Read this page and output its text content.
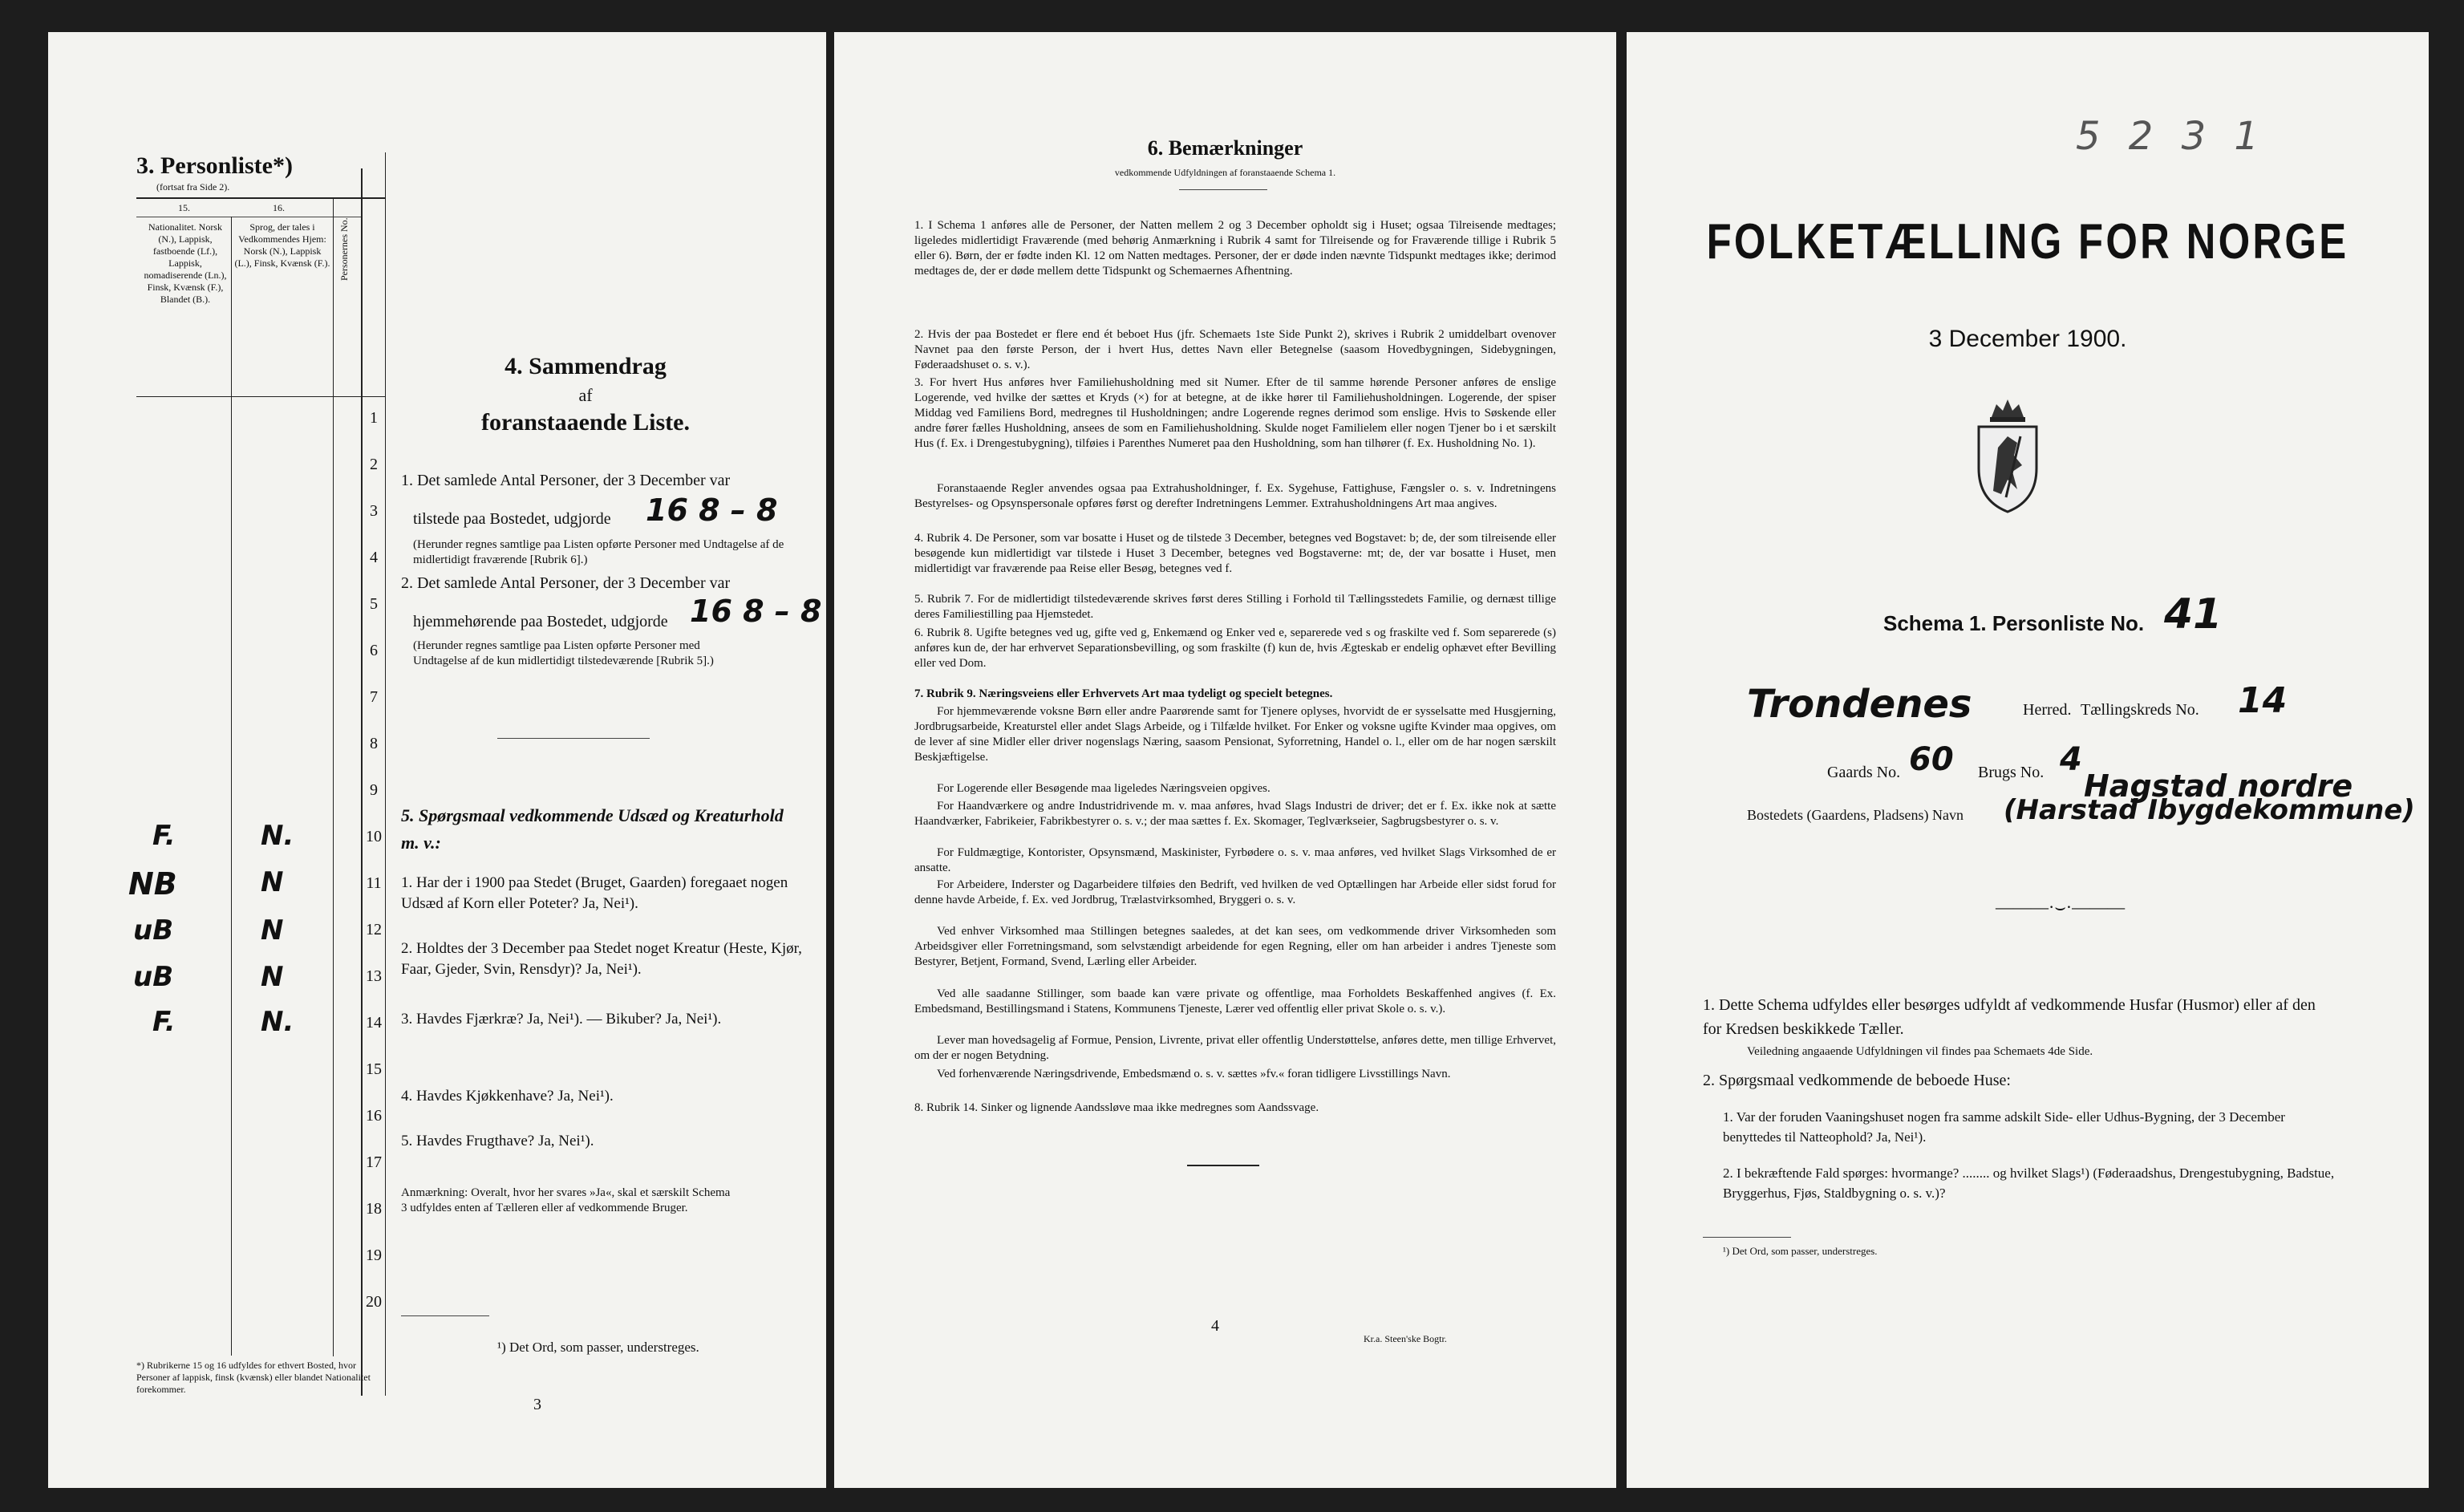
3. Personliste*)
(fortsat fra Side 2).
15.	16.
Nationalitet. Norsk (N.), Lappisk, fastboende (Lf.), Lappisk, nomadiserende (Ln.), Finsk, Kvænsk (F.), Blandet (B.).
Sprog, der tales i Vedkommendes Hjem: Norsk (N.), Lappisk (L.), Finsk, Kvænsk (F.). Personernes No.
1
2
3
4
5
6
7
8
9
10
11
12
13
14
15
16
17
18
19
20
F.
NB
uB
uB
F.
N.
N
N
N
N.
*) Rubrikerne 15 og 16 udfyldes for ethvert Bosted, hvor Personer af lappisk, finsk (kvænsk) eller blandet Nationalitet forekommer.
4. Sammendrag
af
foranstaaende Liste.
1. Det samlede Antal Personer, der 3 December var
tilstede paa Bostedet, udgjorde 16 8 – 8
(Herunder regnes samtlige paa Listen opførte Personer med Undtagelse af de midlertidigt fraværende [Rubrik 6].)
2. Det samlede Antal Personer, der 3 December var
hjemmehørende paa Bostedet, udgjorde 16 8 – 8
(Herunder regnes samtlige paa Listen opførte Personer med Undtagelse af de kun midlertidigt tilstedeværende [Rubrik 5].)
5. Spørgsmaal vedkommende Udsæd og Kreaturhold m. v.:
1. Har der i 1900 paa Stedet (Bruget, Gaarden) foregaaet nogen Udsæd af Korn eller Poteter? Ja, Nei¹).
2. Holdtes der 3 December paa Stedet noget Kreatur (Heste, Kjør, Faar, Gjeder, Svin, Rensdyr)? Ja, Nei¹).
3. Havdes Fjærkræ? Ja, Nei¹). — Bikuber? Ja, Nei¹).
4. Havdes Kjøkkenhave? Ja, Nei¹).
5. Havdes Frugthave? Ja, Nei¹).
Anmærkning: Overalt, hvor her svares »Ja«, skal et særskilt Schema 3 udfyldes enten af Tælleren eller af vedkommende Bruger.
¹) Det Ord, som passer, understreges.
3
6. Bemærkninger
vedkommende Udfyldningen af foranstaaende Schema 1.
1. I Schema 1 anføres alle de Personer, der Natten mellem 2 og 3 December opholdt sig i Huset; ogsaa Tilreisende medtages; ligeledes midlertidigt Fraværende (med behørig Anmærkning i Rubrik 4 samt for Tilreisende og for Fraværende tillige i Rubrik 5 eller 6). Børn, der er fødte inden Kl. 12 om Natten medtages. Personer, der er døde inden nævnte Tidspunkt medtages ikke; derimod medtages de, der er døde mellem dette Tidspunkt og Schemaernes Afhentning.
2. Hvis der paa Bostedet er flere end ét beboet Hus (jfr. Schemaets 1ste Side Punkt 2), skrives i Rubrik 2 umiddelbart ovenover Navnet paa den første Person, der i hvert Hus, dettes Navn eller Betegnelse (saasom Hovedbygningen, Sidebygningen, Føderaadshuset o. s. v.).
3. For hvert Hus anføres hver Familiehusholdning med sit Numer. Efter de til samme hørende Personer anføres de enslige Logerende, ved hvilke der sættes et Kryds (×) for at betegne, at de ikke hører til Familiehusholdningen. Logerende, der spiser Middag ved Familiens Bord, medregnes til Husholdningen; andre Logerende regnes derimod som enslige. Hvis to Søskende eller andre fører fælles Husholdning, ansees de som en Familiehusholdning. Skulde noget Familielem eller nogen Tjener bo i et særskilt Hus (f. Ex. i Drengestubygning), tilføies i Parenthes Numeret paa den Husholdning, som han tilhører (f. Ex. Husholdning No. 1).
Foranstaaende Regler anvendes ogsaa paa Extrahusholdninger, f. Ex. Sygehuse, Fattighuse, Fængsler o. s. v. Indretningens Bestyrelses- og Opsynspersonale opføres først og derefter Indretningens Lemmer. Extrahusholdningens Art maa angives.
4. Rubrik 4. De Personer, som var bosatte i Huset og de tilstede 3 December, betegnes ved Bogstavet: b; de, der som tilreisende eller besøgende kun midlertidigt var tilstede i Huset 3 December, betegnes ved Bogstaverne: mt; de, der var bosatte i Huset, men midlertidigt var fraværende paa Reise eller Besøg, betegnes ved f.
5. Rubrik 7. For de midlertidigt tilstedeværende skrives først deres Stilling i Forhold til Tællingsstedets Familie, og dernæst tillige deres Familiestilling paa Hjemstedet.
6. Rubrik 8. Ugifte betegnes ved ug, gifte ved g, Enkemænd og Enker ved e, separerede ved s og fraskilte ved f. Som separerede (s) anføres kun de, der har erhvervet Separationsbevilling, og som fraskilte (f) kun de, hvis Ægteskab er endelig ophævet efter Bevilling eller ved Dom.
7. Rubrik 9. Næringsveiens eller Erhvervets Art maa tydeligt og specielt betegnes.
For hjemmeværende voksne Børn eller andre Paarørende samt for Tjenere oplyses, hvorvidt de er sysselsatte med Husgjerning, Jordbrugsarbeide, Kreaturstel eller andet Slags Arbeide, og i Tilfælde hvilket. For Enker og voksne ugifte Kvinder maa opgives, om de lever af sine Midler eller driver nogenslags Næring, saasom Pensionat, Syforretning, Handel o. l., eller om de har nogen særskilt Beskjæftigelse.
For Logerende eller Besøgende maa ligeledes Næringsveien opgives.
For Haandværkere og andre Industridrivende m. v. maa anføres, hvad Slags Industri de driver; det er f. Ex. ikke nok at sætte Haandværker, Fabrikeier, Fabrikbestyrer o. s. v.; der maa sættes f. Ex. Skomager, Teglværkseier, Sagbrugsbestyrer o. s. v.
For Fuldmægtige, Kontorister, Opsynsmænd, Maskinister, Fyrbødere o. s. v. maa anføres, ved hvilket Slags Virksomhed de er ansatte.
For Arbeidere, Inderster og Dagarbeidere tilføies den Bedrift, ved hvilken de ved Optællingen har Arbeide eller sidst forud for denne havde Arbeide, f. Ex. ved Jordbrug, Trælastvirksomhed, Bryggeri o. s. v.
Ved enhver Virksomhed maa Stillingen betegnes saaledes, at det kan sees, om vedkommende driver Virksomheden som Arbeidsgiver eller Forretningsmand, som selvstændigt arbeidende for egen Regning, eller om han arbeider i andres Tjeneste som Bestyrer, Betjent, Formand, Svend, Lærling eller Arbeider.
Ved alle saadanne Stillinger, som baade kan være private og offentlige, maa Forholdets Beskaffenhed angives (f. Ex. Embedsmand, Bestillingsmand i Statens, Kommunens Tjeneste, Lærer ved offentlig eller privat Skole o. s. v.).
Lever man hovedsagelig af Formue, Pension, Livrente, privat eller offentlig Understøttelse, anføres dette, men tillige Erhvervet, om der er nogen Betydning.
Ved forhenværende Næringsdrivende, Embedsmænd o. s. v. sættes »fv.« foran tidligere Livsstillings Navn.
8. Rubrik 14. Sinker og lignende Aandssløve maa ikke medregnes som Aandssvage.
4
Kr.a. Steen'ske Bogtr.
5 2 3 1
FOLKETÆLLING FOR NORGE
3 December 1900.
Schema 1. Personliste No. 41
Trondenes	Herred. Tællingskreds No. 14
Gaards No. 60 Brugs No. 4
Hagstad nordre
Bostedets (Gaardens, Pladsens) Navn (Harstad Ibygdekommune)
———·⌣·———
1. Dette Schema udfyldes eller besørges udfyldt af vedkommende Husfar (Husmor) eller af den for Kredsen beskikkede Tæller.
Veiledning angaaende Udfyldningen vil findes paa Schemaets 4de Side.
2. Spørgsmaal vedkommende de beboede Huse:
1. Var der foruden Vaaningshuset nogen fra samme adskilt Side- eller Udhus-Bygning, der 3 December benyttedes til Natteophold? Ja, Nei¹).
2. I bekræftende Fald spørges: hvormange? ........ og hvilket Slags¹) (Føderaadshus, Drengestubygning, Badstue, Bryggerhus, Fjøs, Staldbygning o. s. v.)?
¹) Det Ord, som passer, understreges.
